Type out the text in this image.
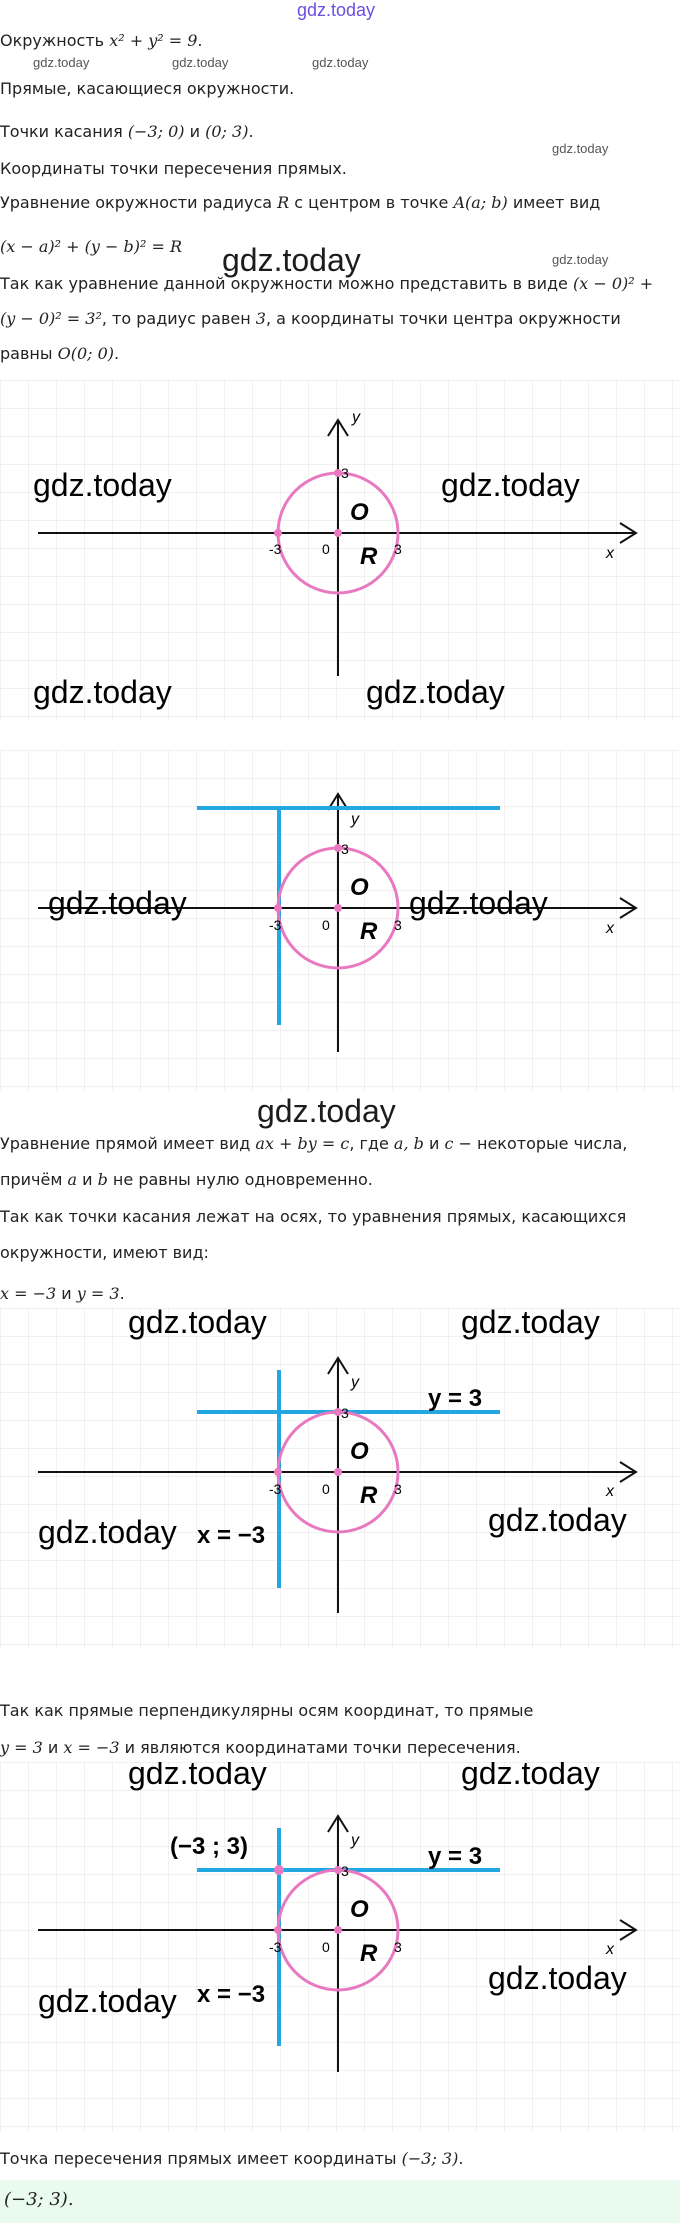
gdz.today
Окружность x² + y² = 9.
gdz.today	gdz.today	gdz.today
Прямые, касающиеся окружности.
Точки касания (−3; 0) и (0; 3).
gdz.today
Координаты точки пересечения прямых.
Уравнение окружности радиуса R с центром в точке A(a; b) имеет вид
(x − a)² + (y − b)² = R gdz.today	gdz.today
Так как уравнение данной окружности можно представить в виде (x − 0)² +
(y − 0)² = 3², то радиус равен 3, а координаты точки центра окружности
равны O(0; 0).
y
x
3
3
-3	0
O
R
gdz.today	gdz.today
gdz.today	gdz.today
y
x
3
3
-3	0
O
R
gdz.today	gdz.today
gdz.today
Уравнение прямой имеет вид ax + by = c, где a, b и c − некоторые числа,
причём a и b не равны нулю одновременно.
Так как точки касания лежат на осях, то уравнения прямых, касающихся
окружности, имеют вид:
x = −3 и y = 3.
y
x
3
3
-3	0
O
R
y = 3
x = −3
gdz.today	gdz.today
gdz.today	gdz.today
Так как прямые перпендикулярны осям координат, то прямые
y = 3 и x = −3 и являются координатами точки пересечения.
y
x
3
3
-3	0
O
R
y = 3
x = −3
(−3 ; 3)
gdz.today	gdz.today
gdz.today
gdz.today
Точка пересечения прямых имеет координаты (−3; 3).
(−3; 3).
